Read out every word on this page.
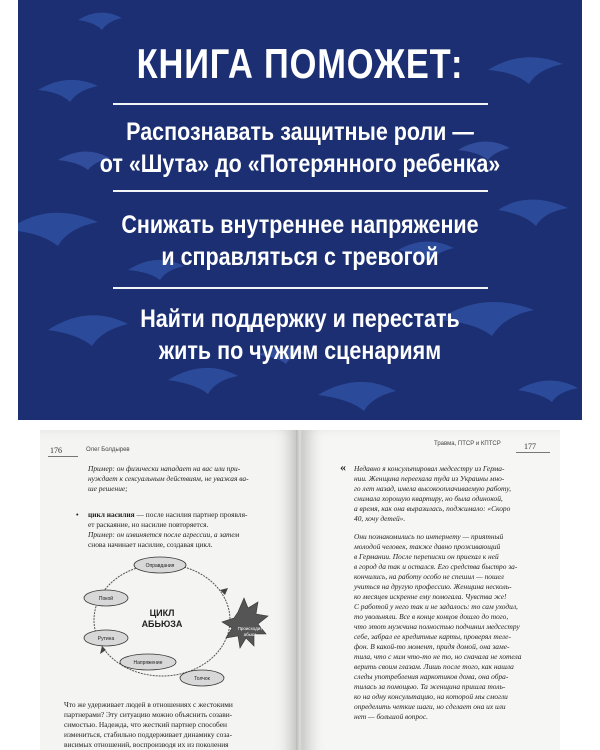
КНИГА ПОМОЖЕТ:
Распознавать защитные роли —
от «Шута» до «Потерянного ребенка»
Снижать внутреннее напряжение
и справляться с тревогой
Найти поддержку и перестать
жить по чужим сценариям
176	Олег Болдырев
Пример: он физически нападает на вас или при-
нуждает к сексуальным действиям, не уважая ва-
ше решение;
• цикл насилия — после насилия партнер проявля-
ет раскаяние, но насилие повторяется.
Пример: он извиняется после агрессии, а затем
снова начинает насилие, создавая цикл.
ЦИКЛ
АБЬЮЗА
Оправдания
Покой
Рутина
Напряжение
Толчок
Происходит
абьюз
Что же удерживает людей в отношениях с жестокими
партнерами? Эту ситуацию можно объяснить созави-
симостью. Надежда, что жесткий партнер способен
измениться, стабильно поддерживает динамику соза-
висимых отношений, воспроизводя их из поколения
Травма, ПТСР и КПТСР	177
« Недавно я консультировал медсестру из Герма-
нии. Женщина переехала туда из Украины мно-
го лет назад, имела высокооплачиваемую работу,
снимала хорошую квартиру, но была одинокой,
а время, как она выразилась, поджимало: «Скоро
40, хочу детей».
Они познакомились по интернету — приятный
молодой человек, также давно проживающий
в Германии. После переписки он приехал к ней
в город да так и остался. Его средства быстро за-
кончились, на работу особо не спешил — пошел
учиться на другую профессию. Женщина несколь-
ко месяцев искренне ему помогала. Чувства же!
С работой у него так и не задалось: то сам уходил,
то увольняли. Все в конце концов дошло до того,
что этот мужчина полностью подчинил медсестру
себе, забрал ее кредитные карты, проверял теле-
фон. В какой-то момент, придя домой, она заме-
тила, что с ним что-то не то, но сначала не хотела
верить своим глазам. Лишь после того, как нашла
следы употребления наркотиков дома, она обра-
тилась за помощью. Та женщина пришла толь-
ко на одну консультацию, на которой мы смогли
определить четкие шаги, но сделает она их или
нет — большой вопрос.
